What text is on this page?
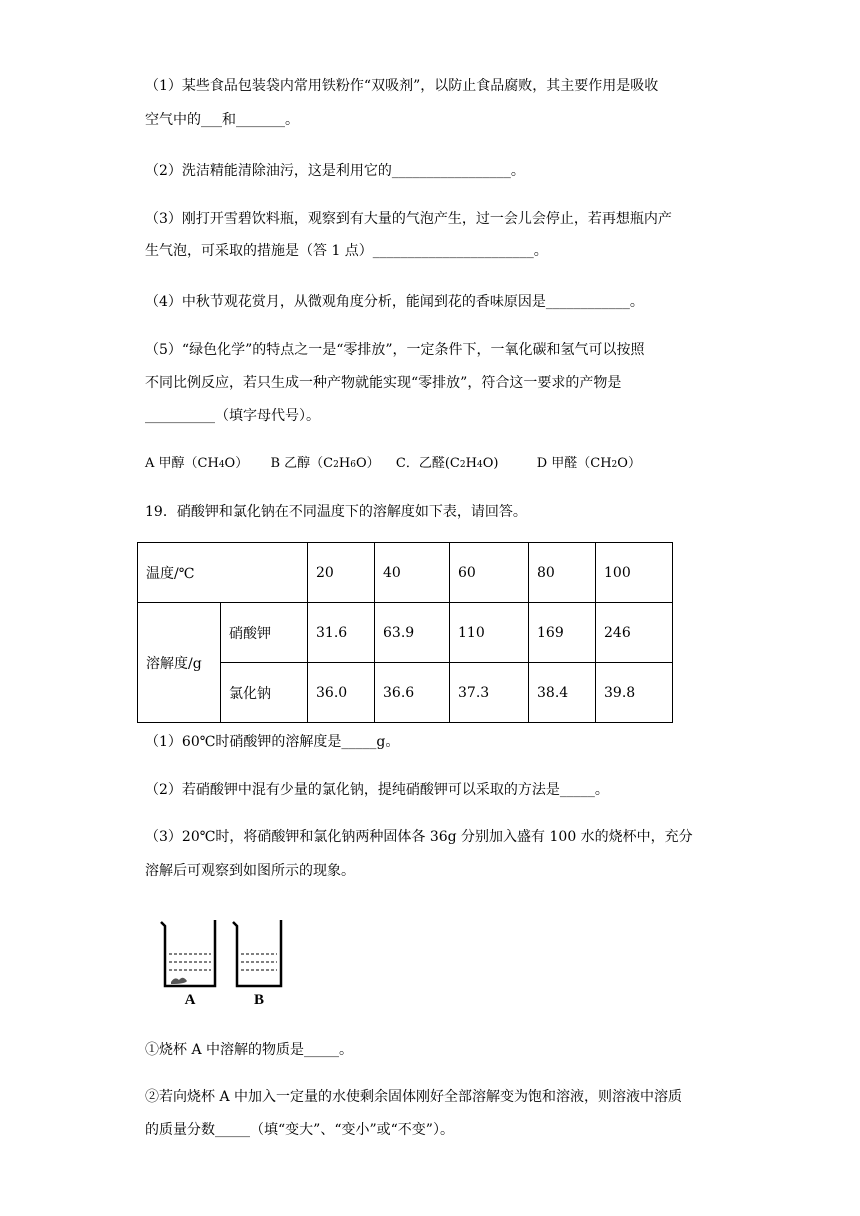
（1）某些食品包装袋内常用铁粉作“双吸剂”，以防止食品腐败，其主要作用是吸收
空气中的___和_______。
（2）洗洁精能清除油污，这是利用它的_________________。
（3）刚打开雪碧饮料瓶，观察到有大量的气泡产生，过一会儿会停止，若再想瓶内产
生气泡，可采取的措施是（答 1 点）_______________________。
（4）中秋节观花赏月，从微观角度分析，能闻到花的香味原因是____________。
（5）“绿色化学”的特点之一是“零排放”，一定条件下，一氧化碳和氢气可以按照
不同比例反应，若只生成一种产物就能实现“零排放”，符合这一要求的产物是
__________（填字母代号）。
A 甲醇（CH4O） B 乙醇（C2H6O） C．乙醛(C2H4O)	D 甲醛（CH2O）
19．硝酸钾和氯化钠在不同温度下的溶解度如下表，请回答。
温度/℃		20	40	60	80	100
溶解度/g	硝酸钾	31.6	63.9	110	169	246
	氯化钠	36.0	36.6	37.3	38.4	39.8
（1）60℃时硝酸钾的溶解度是_____g。
（2）若硝酸钾中混有少量的氯化钠，提纯硝酸钾可以采取的方法是_____。
（3）20℃时，将硝酸钾和氯化钠两种固体各 36g 分别加入盛有 100 水的烧杯中，充分
溶解后可观察到如图所示的现象。
A	B
①烧杯 A 中溶解的物质是_____。
②若向烧杯 A 中加入一定量的水使剩余固体刚好全部溶解变为饱和溶液，则溶液中溶质
的质量分数_____（填“变大”、“变小”或“不变”）。
